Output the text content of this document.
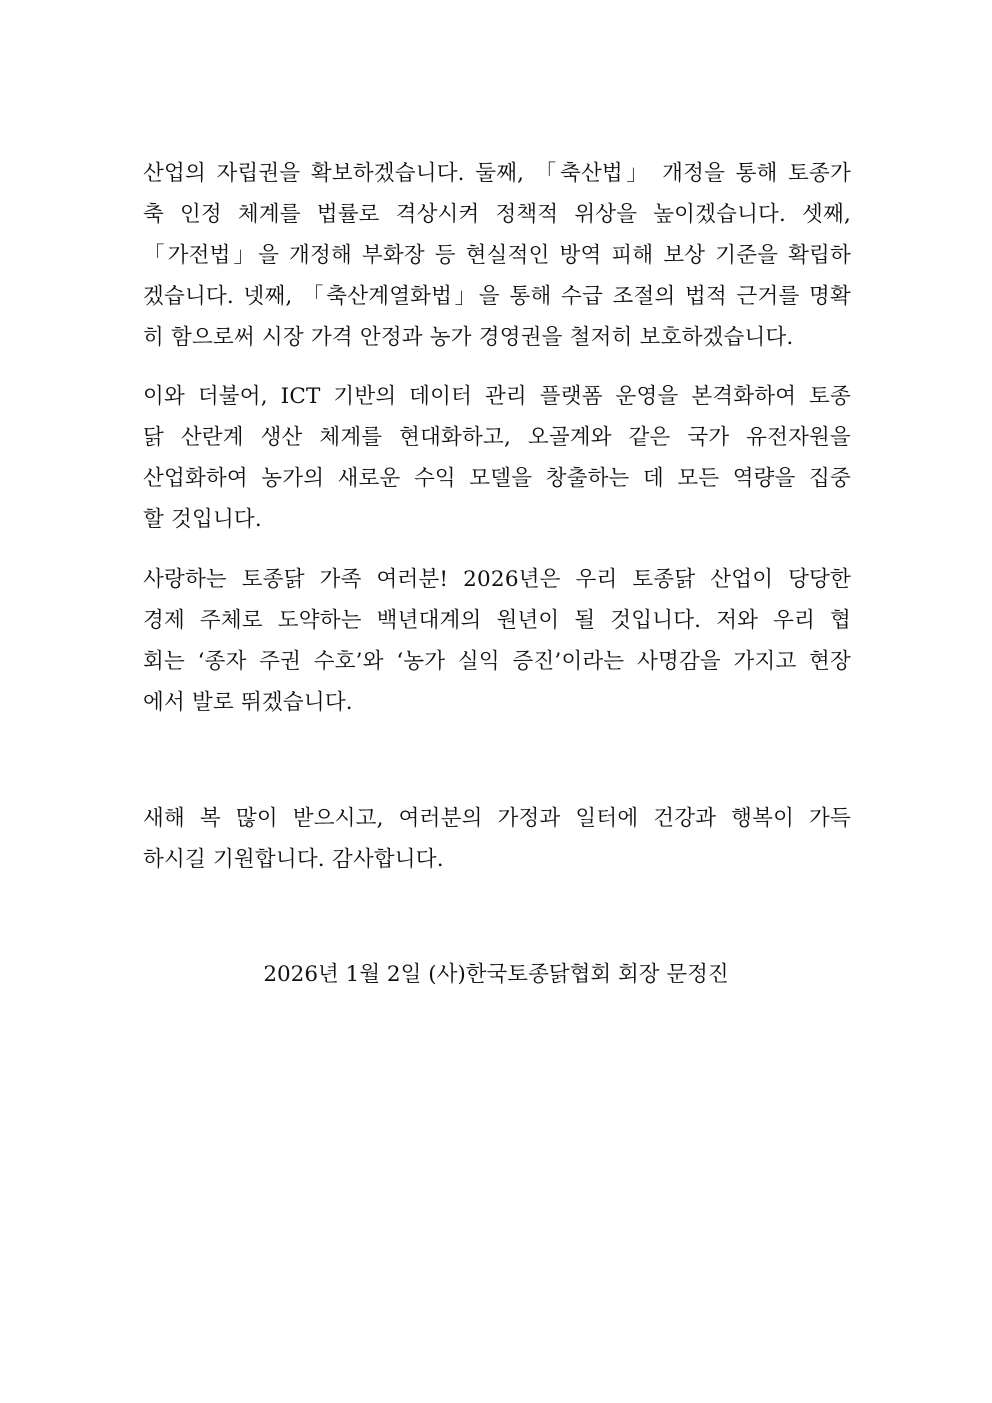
산업의 자립권을 확보하겠습니다. 둘째, 「축산법」 개정을 통해 토종가
축 인정 체계를 법률로 격상시켜 정책적 위상을 높이겠습니다. 셋째,
「가전법」을 개정해 부화장 등 현실적인 방역 피해 보상 기준을 확립하
겠습니다. 넷째, 「축산계열화법」을 통해 수급 조절의 법적 근거를 명확
히 함으로써 시장 가격 안정과 농가 경영권을 철저히 보호하겠습니다.
이와 더불어, ICT 기반의 데이터 관리 플랫폼 운영을 본격화하여 토종
닭 산란계 생산 체계를 현대화하고, 오골계와 같은 국가 유전자원을
산업화하여 농가의 새로운 수익 모델을 창출하는 데 모든 역량을 집중
할 것입니다.
사랑하는 토종닭 가족 여러분! 2026년은 우리 토종닭 산업이 당당한
경제 주체로 도약하는 백년대계의 원년이 될 것입니다. 저와 우리 협
회는 ‘종자 주권 수호’와 ‘농가 실익 증진’이라는 사명감을 가지고 현장
에서 발로 뛰겠습니다.
새해 복 많이 받으시고, 여러분의 가정과 일터에 건강과 행복이 가득
하시길 기원합니다. 감사합니다.
2026년 1월 2일 (사)한국토종닭협회 회장 문정진
